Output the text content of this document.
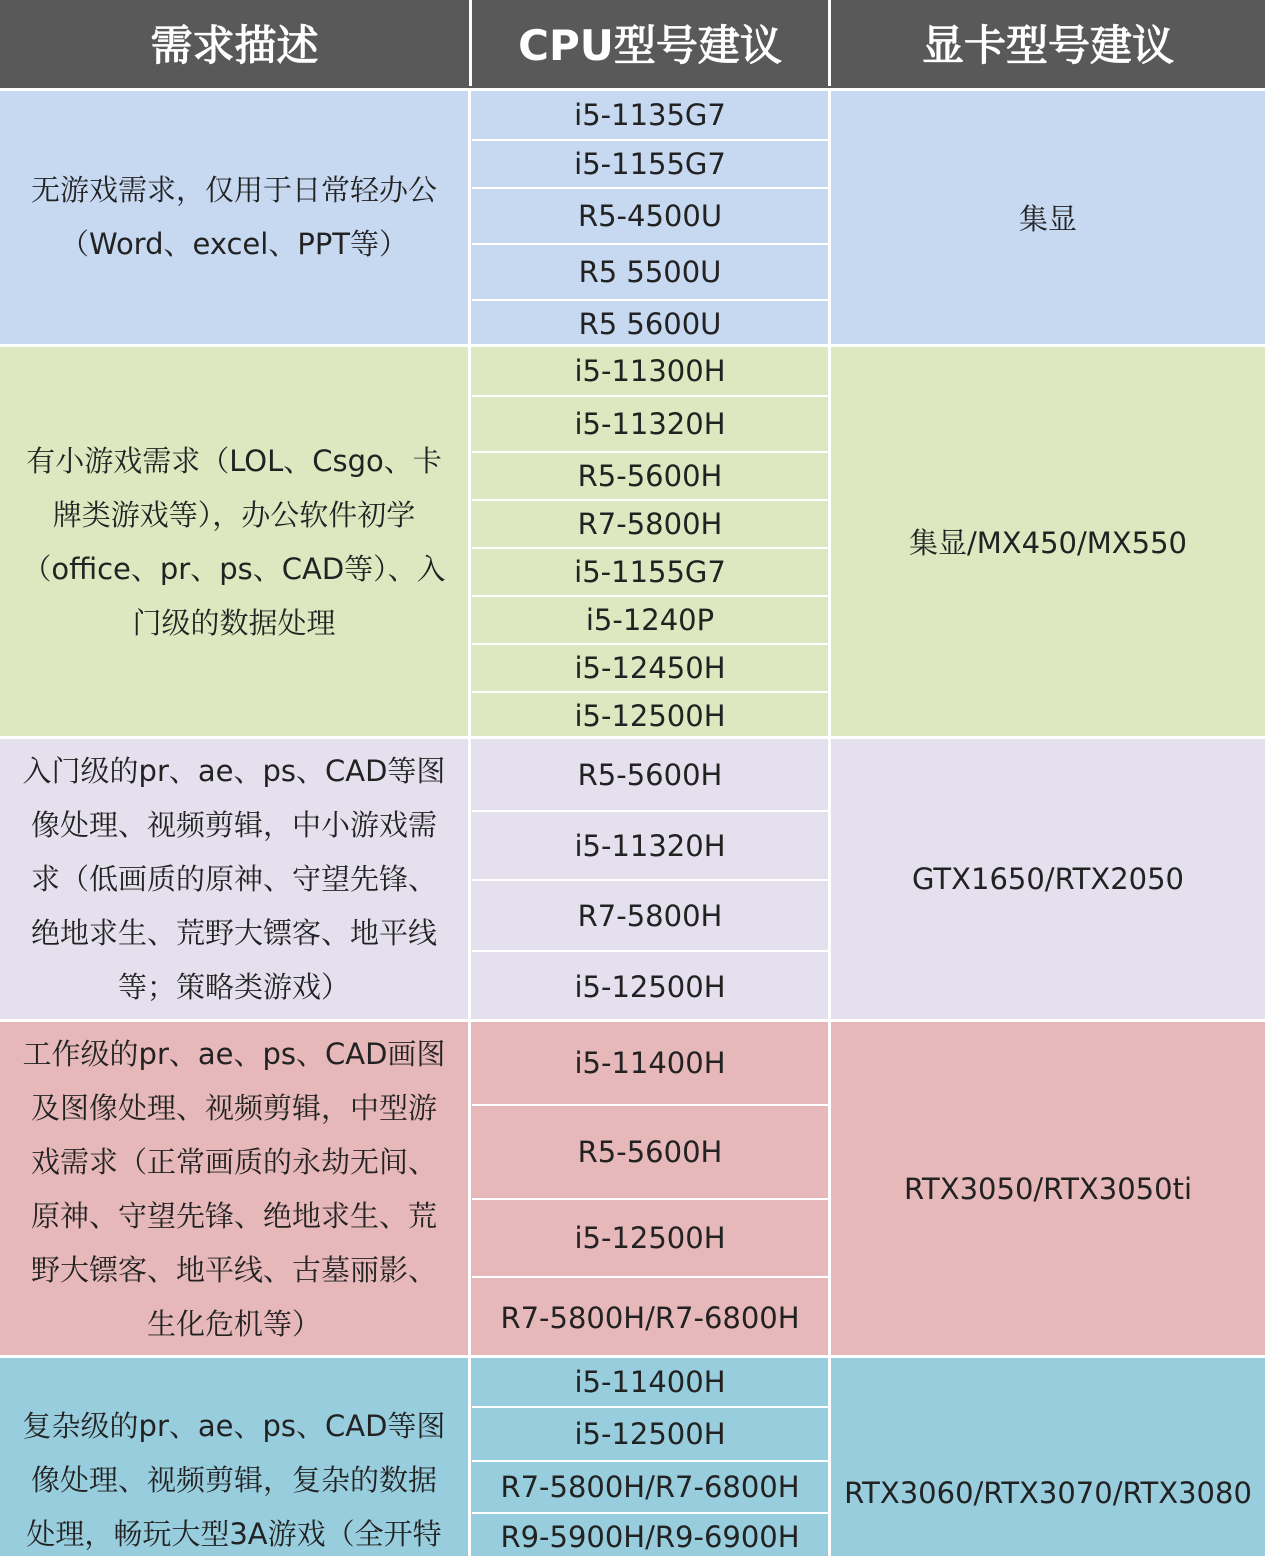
需求描述	CPU型号建议	显卡型号建议
无游戏需求，仅用于日常轻办公
（Word、excel、PPT等）
i5-1135G7
i5-1155G7
R5-4500U
R5 5500U
R5 5600U
集显
有小游戏需求（LOL、Csgo、卡
牌类游戏等），办公软件初学
（office、pr、ps、CAD等）、入
门级的数据处理
i5-11300H
i5-11320H
R5-5600H
R7-5800H
i5-1155G7
i5-1240P
i5-12450H
i5-12500H
集显/MX450/MX550
入门级的pr、ae、ps、CAD等图
像处理、视频剪辑，中小游戏需
求（低画质的原神、守望先锋、
绝地求生、荒野大镖客、地平线
等；策略类游戏）
R5-5600H
i5-11320H
R7-5800H
i5-12500H
GTX1650/RTX2050
工作级的pr、ae、ps、CAD画图
及图像处理、视频剪辑，中型游
戏需求（正常画质的永劫无间、
原神、守望先锋、绝地求生、荒
野大镖客、地平线、古墓丽影、
生化危机等）
i5-11400H
R5-5600H
i5-12500H
R7-5800H/R7-6800H
RTX3050/RTX3050ti
复杂级的pr、ae、ps、CAD等图
像处理、视频剪辑，复杂的数据
处理，畅玩大型3A游戏（全开特
i5-11400H
i5-12500H
R7-5800H/R7-6800H
R9-5900H/R9-6900H
RTX3060/RTX3070/RTX3080
